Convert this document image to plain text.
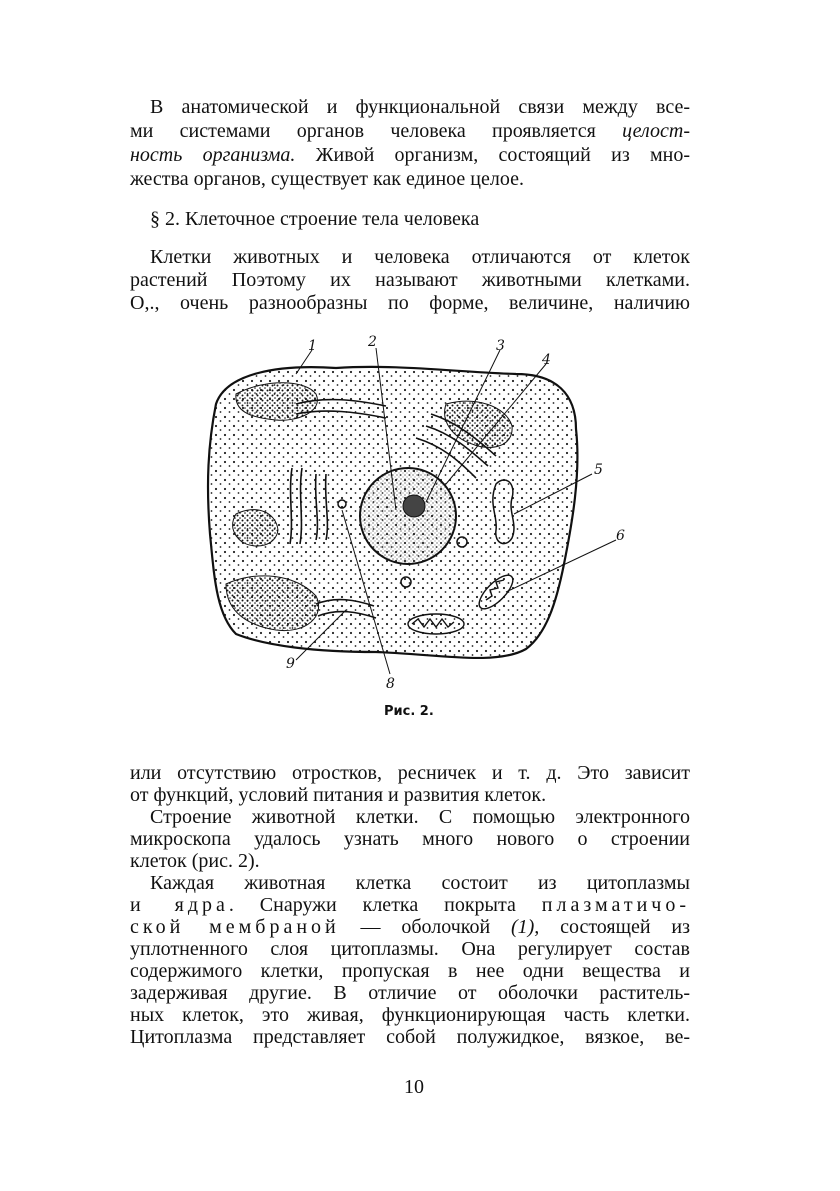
В анатомической и функциональной связи между все-
ми системами органов человека проявляется целост-
ность организма. Живой организм, состоящий из мно-
жества органов, существует как единое целое.
§ 2. Клеточное строение тела человека
Клетки животных и человека отличаются от клеток
растений Поэтому их называют животными клетками.
О,., очень разнообразны по форме, величине, наличию
1	2	3
4
5
6
8
9
Рис. 2.
или отсутствию отростков, ресничек и т. д. Это зависит
от функций, условий питания и развития клеток.
Строение животной клетки. С помощью электронного
микроскопа удалось узнать много нового о строении
клеток (рис. 2).
Каждая животная клетка состоит из цитоплазмы
и ядра. Снаружи клетка покрыта плазматичо-
ской мембраной — оболочкой (1), состоящей из
уплотненного слоя цитоплазмы. Она регулирует состав
содержимого клетки, пропуская в нее одни вещества и
задерживая другие. В отличие от оболочки раститель-
ных клеток, это живая, функционирующая часть клетки.
Цитоплазма представляет собой полужидкое, вязкое, ве-
10
